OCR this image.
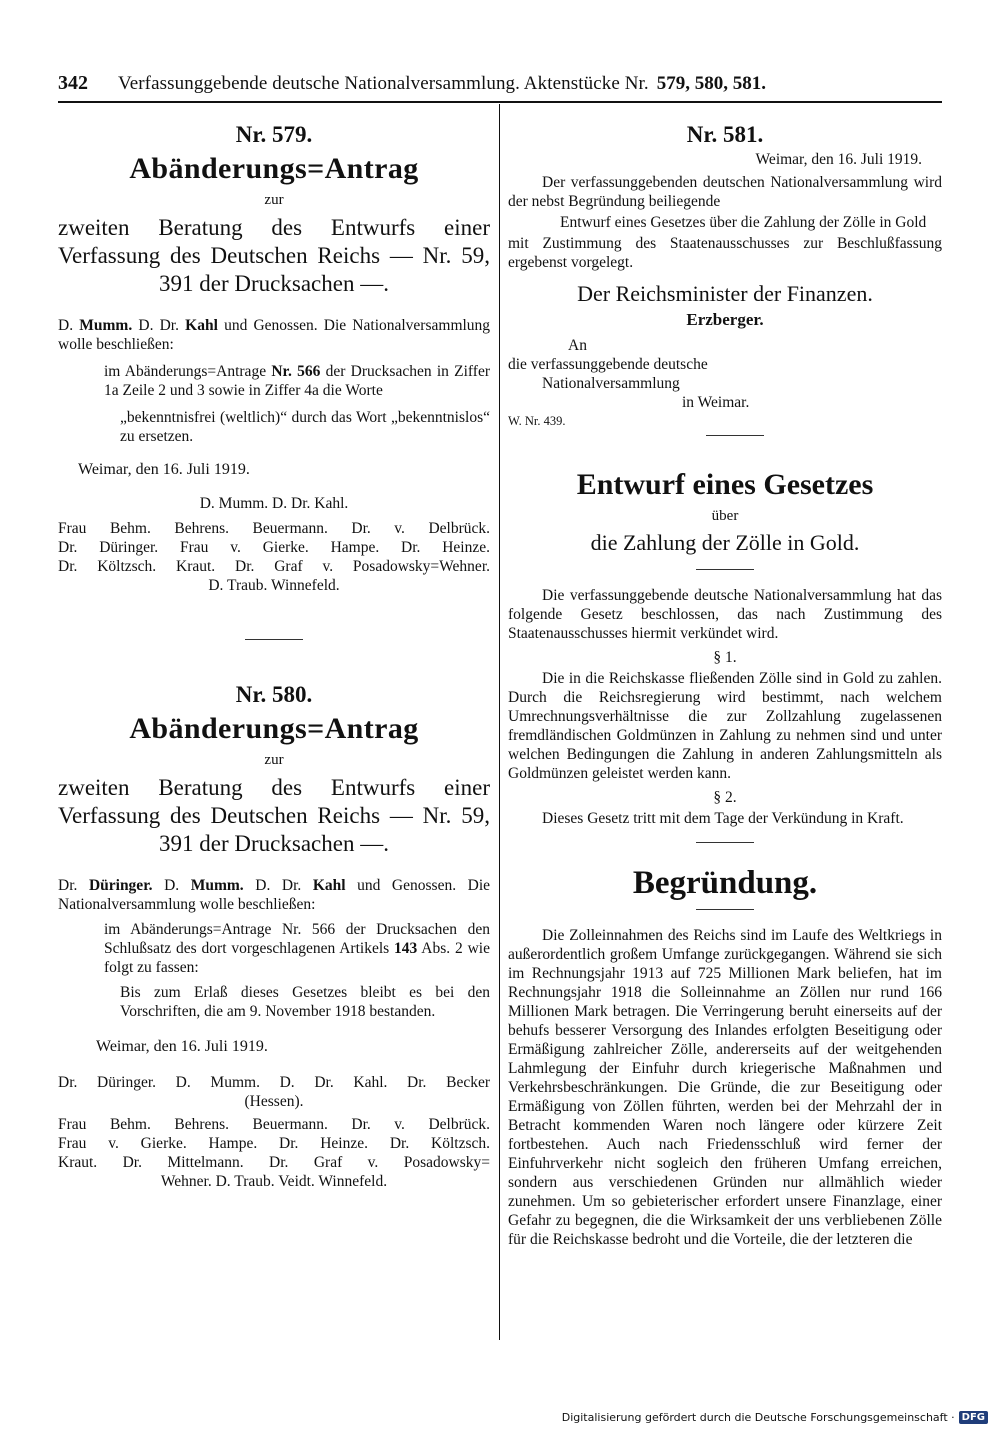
342 Verfassunggebende deutsche Nationalversammlung. Aktenstücke Nr. 579, 580, 581.
Nr. 579.
Abänderungs=Antrag
zur

zweiten Beratung des Entwurfs einer Verfassung des Deutschen Reichs — Nr. 59, 391 der Drucksachen —.

D. Mumm. D. Dr. Kahl und Genossen. Die Nationalversammlung wolle beschließen:

im Abänderungs=Antrage Nr. 566 der Drucksachen in Ziffer 1a Zeile 2 und 3 sowie in Ziffer 4a die Worte

„bekenntnisfrei (weltlich)“ durch das Wort „bekenntnislos“ zu ersetzen.

Weimar, den 16. Juli 1919.

D. Mumm. D. Dr. Kahl.

Frau Behm. Behrens. Beuermann. Dr. v. Delbrück.

Dr. Düringer. Frau v. Gierke. Hampe. Dr. Heinze.

Dr. Költzsch. Kraut. Dr. Graf v. Posadowsky=Wehner.

D. Traub. Winnefeld.

Nr. 580.
Abänderungs=Antrag
zur

zweiten Beratung des Entwurfs einer Verfassung des Deutschen Reichs — Nr. 59, 391 der Drucksachen —.

Dr. Düringer. D. Mumm. D. Dr. Kahl und Genossen. Die Nationalversammlung wolle beschließen:

im Abänderungs=Antrage Nr. 566 der Drucksachen den Schlußsatz des dort vorgeschlagenen Artikels 143 Abs. 2 wie folgt zu fassen:

Bis zum Erlaß dieses Gesetzes bleibt es bei den Vorschriften, die am 9. November 1918 bestanden.

Weimar, den 16. Juli 1919.

Dr. Düringer. D. Mumm. D. Dr. Kahl. Dr. Becker

(Hessen).

Frau Behm. Behrens. Beuermann. Dr. v. Delbrück.

Frau v. Gierke. Hampe. Dr. Heinze. Dr. Költzsch.

Kraut. Dr. Mittelmann. Dr. Graf v. Posadowsky=

Wehner. D. Traub. Veidt. Winnefeld.

Nr. 581.

Weimar, den 16. Juli 1919.

Der verfassunggebenden deutschen Nationalversammlung wird der nebst Begründung beiliegende

Entwurf eines Gesetzes über die Zahlung der Zölle in Gold

mit Zustimmung des Staatenausschusses zur Beschlußfassung ergebenst vorgelegt.

Der Reichsminister der Finanzen.

Erzberger.

An

die verfassunggebende deutsche

Nationalversammlung

in Weimar.

W. Nr. 439.

Entwurf eines Gesetzes
über

die Zahlung der Zölle in Gold.

Die verfassunggebende deutsche Nationalversammlung hat das folgende Gesetz beschlossen, das nach Zustimmung des Staatenausschusses hiermit verkündet wird.

§ 1.

Die in die Reichskasse fließenden Zölle sind in Gold zu zahlen. Durch die Reichsregierung wird bestimmt, nach welchem Umrechnungsverhältnisse die zur Zollzahlung zugelassenen fremdländischen Goldmünzen in Zahlung zu nehmen sind und unter welchen Bedingungen die Zahlung in anderen Zahlungsmitteln als Goldmünzen geleistet werden kann.

§ 2.

Dieses Gesetz tritt mit dem Tage der Verkündung in Kraft.

Begründung.

Die Zolleinnahmen des Reichs sind im Laufe des Weltkriegs in außerordentlich großem Umfange zurückgegangen. Während sie sich im Rechnungsjahr 1913 auf 725 Millionen Mark beliefen, hat im Rechnungsjahr 1918 die Solleinnahme an Zöllen nur rund 166 Millionen Mark betragen. Die Verringerung beruht einerseits auf der behufs besserer Versorgung des Inlandes erfolgten Beseitigung oder Ermäßigung zahlreicher Zölle, andererseits auf der weitgehenden Lahmlegung der Einfuhr durch kriegerische Maßnahmen und Verkehrsbeschränkungen. Die Gründe, die zur Beseitigung oder Ermäßigung von Zöllen führten, werden bei der Mehrzahl der in Betracht kommenden Waren noch längere oder kürzere Zeit fortbestehen. Auch nach Friedensschluß wird ferner der Einfuhrverkehr nicht sogleich den früheren Umfang erreichen, sondern aus verschiedenen Gründen nur allmählich wieder zunehmen. Um so gebieterischer erfordert unsere Finanzlage, einer Gefahr zu begegnen, die die Wirksamkeit der uns verbliebenen Zölle für die Reichskasse bedroht und die Vorteile, die der letzteren die

Digitalisierung gefördert durch die Deutsche Forschungsgemeinschaft · DFG
